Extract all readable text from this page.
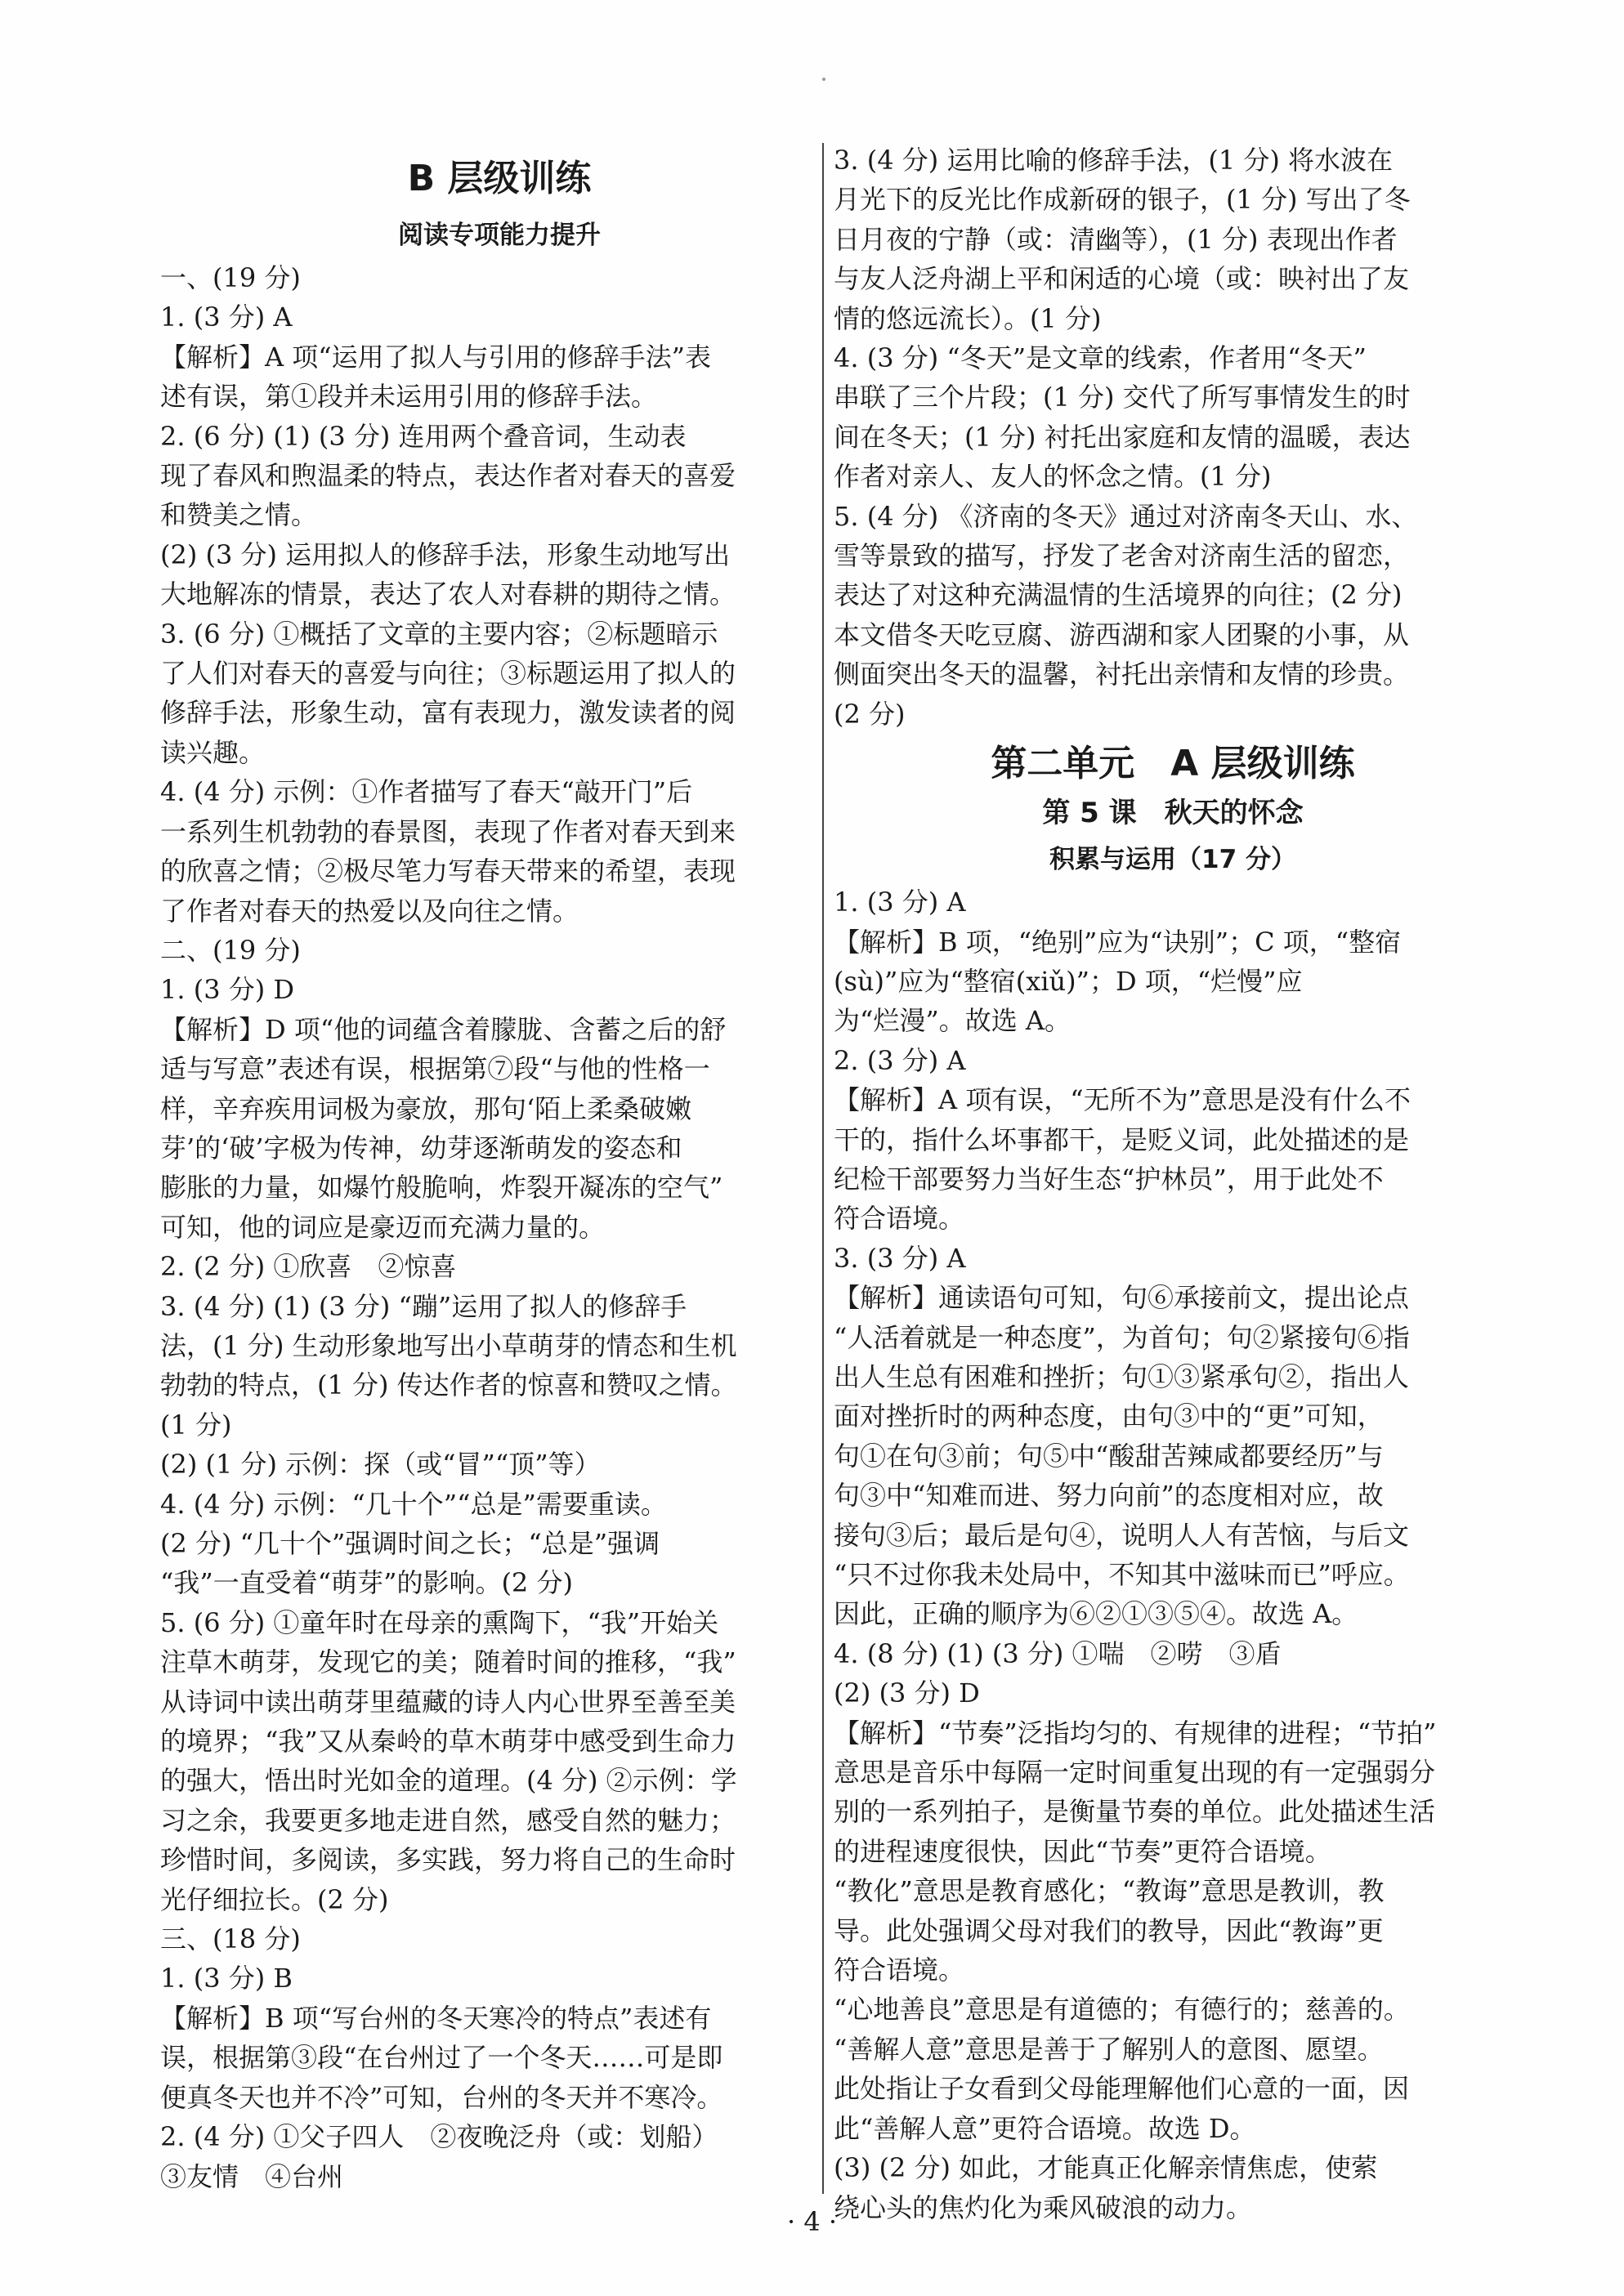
B 层级训练
阅读专项能力提升
一、(19 分)
1. (3 分) A
【解析】A 项“运用了拟人与引用的修辞手法”表
述有误，第①段并未运用引用的修辞手法。
2. (6 分) (1) (3 分) 连用两个叠音词，生动表
现了春风和煦温柔的特点，表达作者对春天的喜爱
和赞美之情。
(2) (3 分) 运用拟人的修辞手法，形象生动地写出
大地解冻的情景，表达了农人对春耕的期待之情。
3. (6 分) ①概括了文章的主要内容；②标题暗示
了人们对春天的喜爱与向往；③标题运用了拟人的
修辞手法，形象生动，富有表现力，激发读者的阅
读兴趣。
4. (4 分) 示例：①作者描写了春天“敲开门”后
一系列生机勃勃的春景图，表现了作者对春天到来
的欣喜之情；②极尽笔力写春天带来的希望，表现
了作者对春天的热爱以及向往之情。
二、(19 分)
1. (3 分) D
【解析】D 项“他的词蕴含着朦胧、含蓄之后的舒
适与写意”表述有误，根据第⑦段“与他的性格一
样，辛弃疾用词极为豪放，那句‘陌上柔桑破嫩
芽’的‘破’字极为传神，幼芽逐渐萌发的姿态和
膨胀的力量，如爆竹般脆响，炸裂开凝冻的空气”
可知，他的词应是豪迈而充满力量的。
2. (2 分) ①欣喜　②惊喜
3. (4 分) (1) (3 分) “蹦”运用了拟人的修辞手
法，(1 分) 生动形象地写出小草萌芽的情态和生机
勃勃的特点，(1 分) 传达作者的惊喜和赞叹之情。
(1 分)
(2) (1 分) 示例：探（或“冒”“顶”等）
4. (4 分) 示例：“几十个”“总是”需要重读。
(2 分) “几十个”强调时间之长；“总是”强调
“我”一直受着“萌芽”的影响。(2 分)
5. (6 分) ①童年时在母亲的熏陶下，“我”开始关
注草木萌芽，发现它的美；随着时间的推移，“我”
从诗词中读出萌芽里蕴藏的诗人内心世界至善至美
的境界；“我”又从秦岭的草木萌芽中感受到生命力
的强大，悟出时光如金的道理。(4 分) ②示例：学
习之余，我要更多地走进自然，感受自然的魅力；
珍惜时间，多阅读，多实践，努力将自己的生命时
光仔细拉长。(2 分)
三、(18 分)
1. (3 分) B
【解析】B 项“写台州的冬天寒冷的特点”表述有
误，根据第③段“在台州过了一个冬天……可是即
便真冬天也并不冷”可知，台州的冬天并不寒冷。
2. (4 分) ①父子四人　②夜晚泛舟（或：划船）
③友情　④台州
3. (4 分) 运用比喻的修辞手法，(1 分) 将水波在
月光下的反光比作成新砑的银子，(1 分) 写出了冬
日月夜的宁静（或：清幽等），(1 分) 表现出作者
与友人泛舟湖上平和闲适的心境（或：映衬出了友
情的悠远流长）。(1 分)
4. (3 分) “冬天”是文章的线索，作者用“冬天”
串联了三个片段；(1 分) 交代了所写事情发生的时
间在冬天；(1 分) 衬托出家庭和友情的温暖，表达
作者对亲人、友人的怀念之情。(1 分)
5. (4 分) 《济南的冬天》通过对济南冬天山、水、
雪等景致的描写，抒发了老舍对济南生活的留恋，
表达了对这种充满温情的生活境界的向往；(2 分)
本文借冬天吃豆腐、游西湖和家人团聚的小事，从
侧面突出冬天的温馨，衬托出亲情和友情的珍贵。
(2 分)
第二单元　A 层级训练
第 5 课　秋天的怀念
积累与运用（17 分）
1. (3 分) A
【解析】B 项，“绝别”应为“诀别”；C 项，“整宿
(sù)”应为“整宿(xiǔ)”；D 项，“烂慢”应
为“烂漫”。故选 A。
2. (3 分) A
【解析】A 项有误，“无所不为”意思是没有什么不
干的，指什么坏事都干，是贬义词，此处描述的是
纪检干部要努力当好生态“护林员”，用于此处不
符合语境。
3. (3 分) A
【解析】通读语句可知，句⑥承接前文，提出论点
“人活着就是一种态度”，为首句；句②紧接句⑥指
出人生总有困难和挫折；句①③紧承句②，指出人
面对挫折时的两种态度，由句③中的“更”可知，
句①在句③前；句⑤中“酸甜苦辣咸都要经历”与
句③中“知难而进、努力向前”的态度相对应，故
接句③后；最后是句④，说明人人有苦恼，与后文
“只不过你我未处局中，不知其中滋味而已”呼应。
因此，正确的顺序为⑥②①③⑤④。故选 A。
4. (8 分) (1) (3 分) ①喘　②唠　③盾
(2) (3 分) D
【解析】“节奏”泛指均匀的、有规律的进程；“节拍”
意思是音乐中每隔一定时间重复出现的有一定强弱分
别的一系列拍子，是衡量节奏的单位。此处描述生活
的进程速度很快，因此“节奏”更符合语境。
“教化”意思是教育感化；“教诲”意思是教训，教
导。此处强调父母对我们的教导，因此“教诲”更
符合语境。
“心地善良”意思是有道德的；有德行的；慈善的。
“善解人意”意思是善于了解别人的意图、愿望。
此处指让子女看到父母能理解他们心意的一面，因
此“善解人意”更符合语境。故选 D。
(3) (2 分) 如此，才能真正化解亲情焦虑，使萦
绕心头的焦灼化为乘风破浪的动力。
· 4 ·
